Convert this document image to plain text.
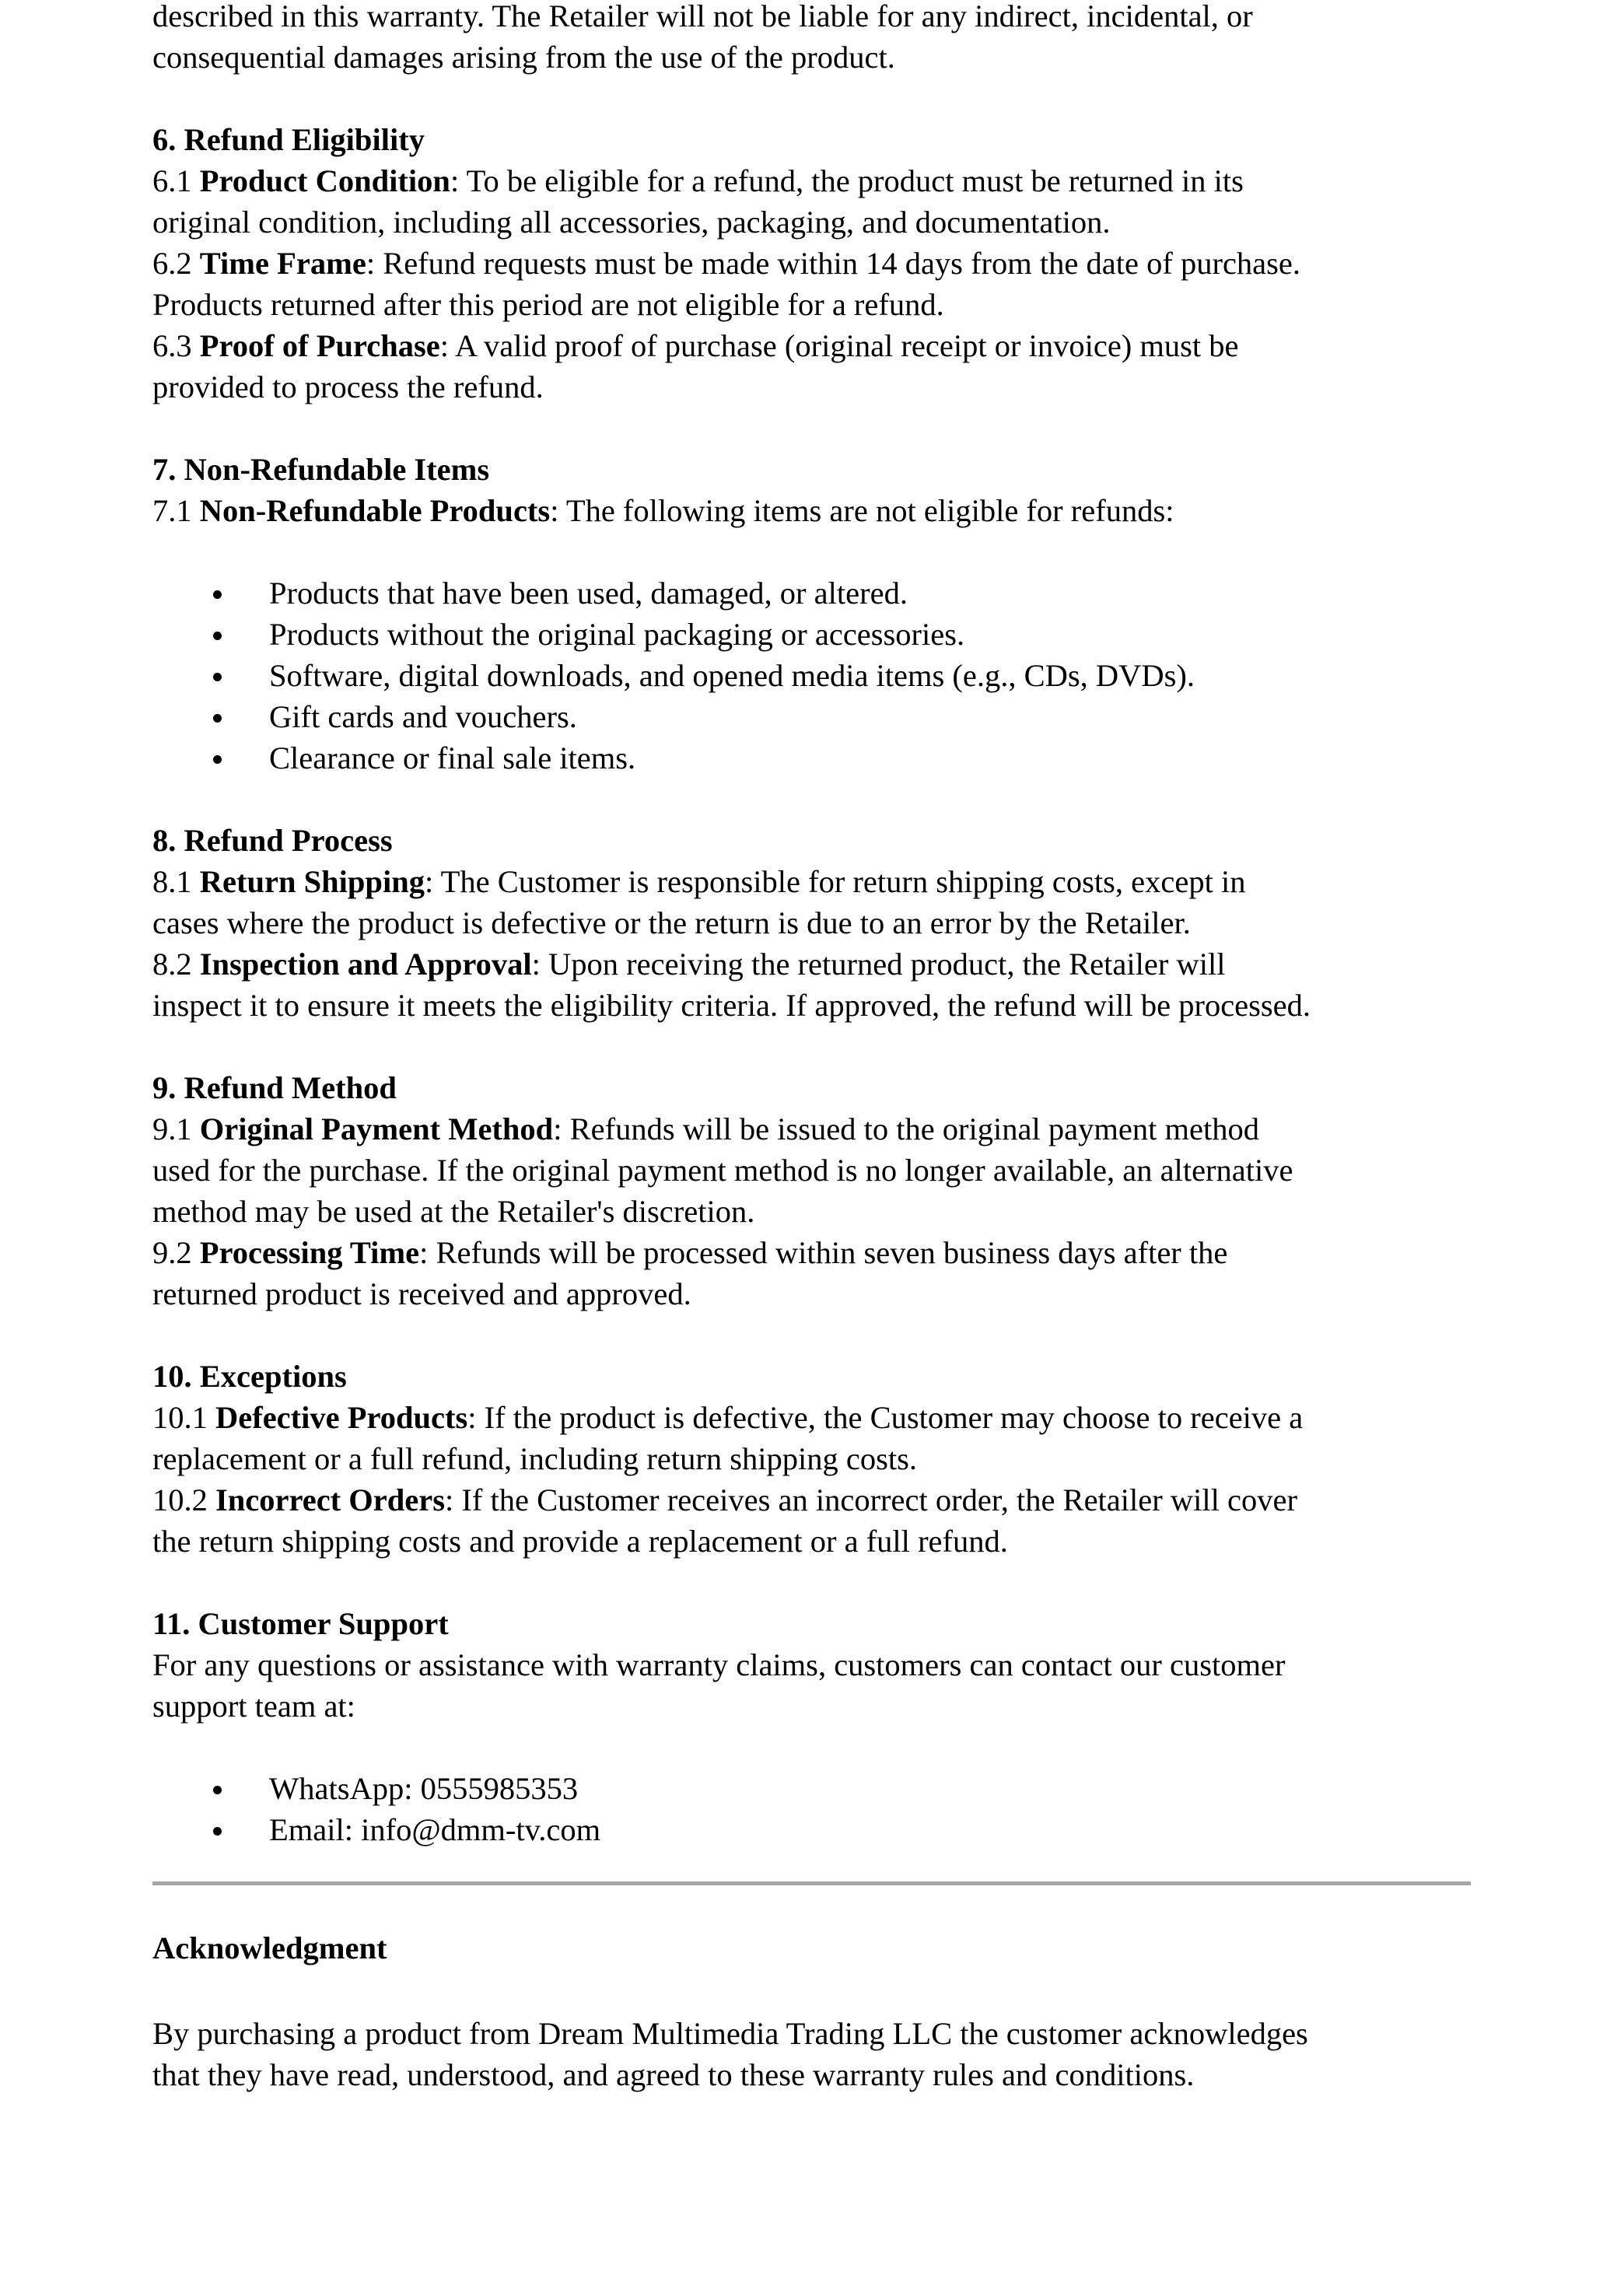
described in this warranty. The Retailer will not be liable for any indirect, incidental, or

consequential damages arising from the use of the product.

6. Refund Eligibility

6.1 Product Condition: To be eligible for a refund, the product must be returned in its

original condition, including all accessories, packaging, and documentation.

6.2 Time Frame: Refund requests must be made within 14 days from the date of purchase.

Products returned after this period are not eligible for a refund.

6.3 Proof of Purchase: A valid proof of purchase (original receipt or invoice) must be

provided to process the refund.

7. Non-Refundable Items

7.1 Non-Refundable Products: The following items are not eligible for refunds:

Products that have been used, damaged, or altered.
Products without the original packaging or accessories.
Software, digital downloads, and opened media items (e.g., CDs, DVDs).
Gift cards and vouchers.
Clearance or final sale items.

8. Refund Process

8.1 Return Shipping: The Customer is responsible for return shipping costs, except in

cases where the product is defective or the return is due to an error by the Retailer.

8.2 Inspection and Approval: Upon receiving the returned product, the Retailer will

inspect it to ensure it meets the eligibility criteria. If approved, the refund will be processed.

9. Refund Method

9.1 Original Payment Method: Refunds will be issued to the original payment method

used for the purchase. If the original payment method is no longer available, an alternative

method may be used at the Retailer's discretion.

9.2 Processing Time: Refunds will be processed within seven business days after the

returned product is received and approved.

10. Exceptions

10.1 Defective Products: If the product is defective, the Customer may choose to receive a

replacement or a full refund, including return shipping costs.

10.2 Incorrect Orders: If the Customer receives an incorrect order, the Retailer will cover

the return shipping costs and provide a replacement or a full refund.

11. Customer Support

For any questions or assistance with warranty claims, customers can contact our customer

support team at:

WhatsApp: 0555985353
Email: info@dmm-tv.com

Acknowledgment

By purchasing a product from Dream Multimedia Trading LLC the customer acknowledges

that they have read, understood, and agreed to these warranty rules and conditions.
